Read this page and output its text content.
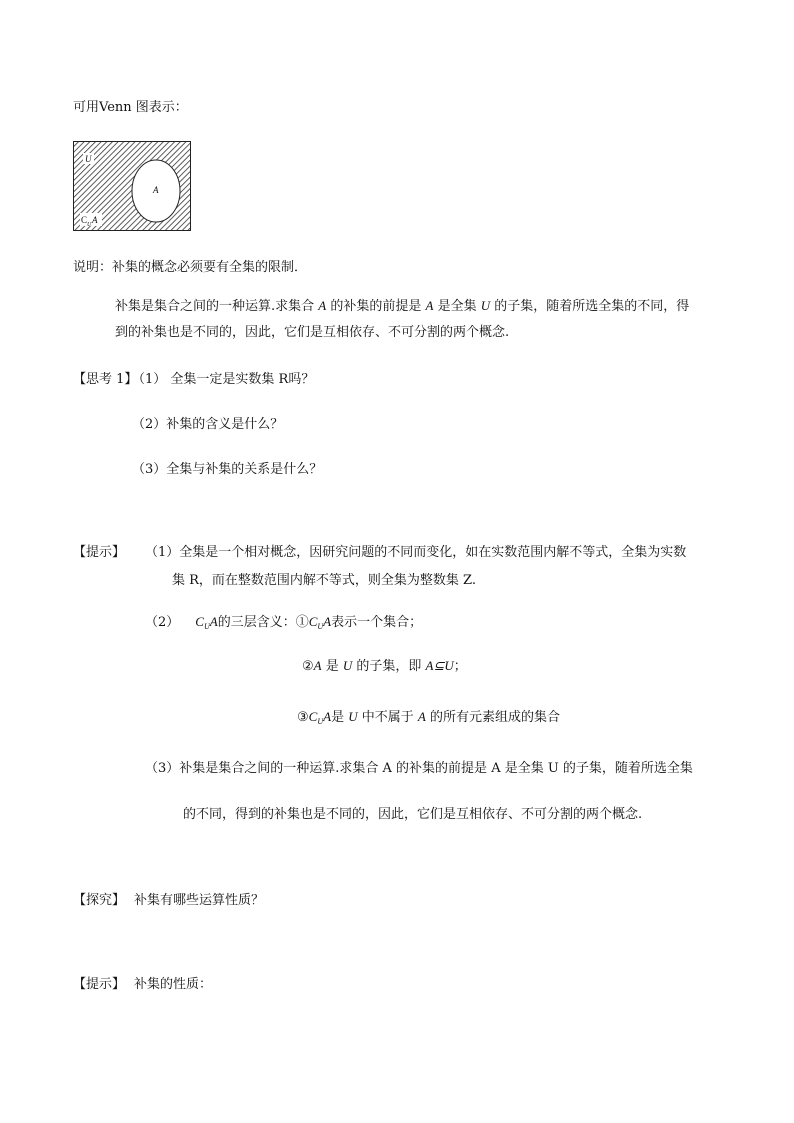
可用Venn 图表示：
U
A
C U A
说明：补集的概念必须要有全集的限制．
补集是集合之间的一种运算.求集合 A 的补集的前提是 A 是全集 U 的子集，随着所选全集的不同，得
到的补集也是不同的，因此，它们是互相依存、不可分割的两个概念.
【思考 1】
（1） 全集一定是实数集 R吗？
（2）补集的含义是什么？
（3）全集与补集的关系是什么？
【提示】 （1）全集是一个相对概念，因研究问题的不同而变化，如在实数范围内解不等式，全集为实数
集 R，而在整数范围内解不等式，则全集为整数集 Z.
（2） $C_UA$的三层含义：$①C_UA$表示一个集合；
②A 是 U 的子集，即 A⊆U；
$③C_UA$是 U 中不属于 A 的所有元素组成的集合
（3）补集是集合之间的一种运算.求集合 A 的补集的前提是 A 是全集 U 的子集，随着所选全集
的不同，得到的补集也是不同的，因此，它们是互相依存、不可分割的两个概念.
【探究】 补集有哪些运算性质？
【提示】 补集的性质：
